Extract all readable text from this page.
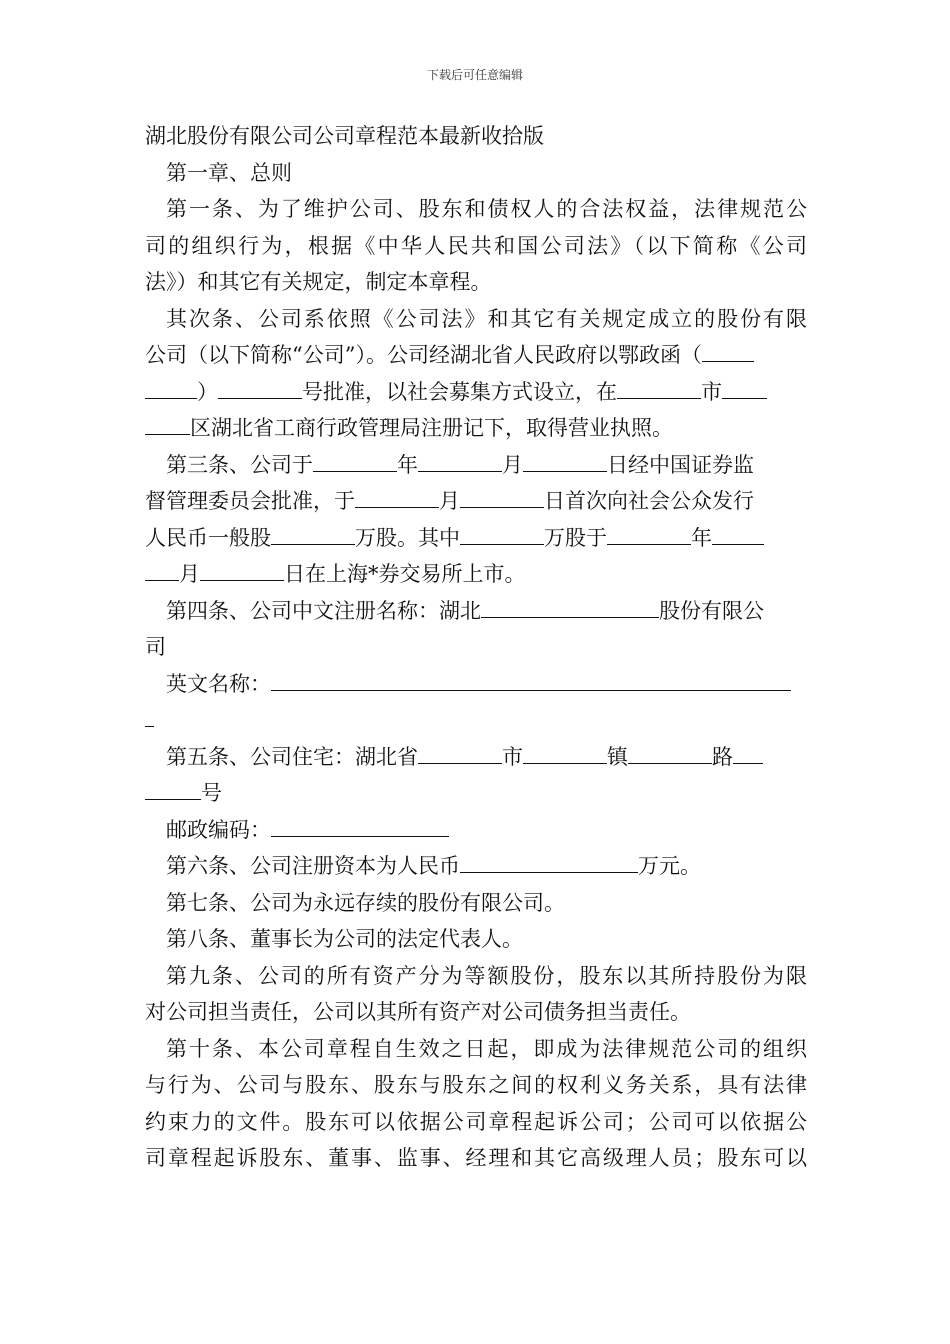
下载后可任意编辑
湖北股份有限公司公司章程范本最新收拾版
第一章、总则
第一条、为了维护公司、股东和债权人的合法权益，法律规范公
司的组织行为，根据《中华人民共和国公司法》（以下简称《公司
法》）和其它有关规定，制定本章程。
其次条、公司系依照《公司法》和其它有关规定成立的股份有限
公司（以下简称“公司”）。公司经湖北省人民政府以鄂政函（
）	号批准，以社会募集方式设立，在	市
区湖北省工商行政管理局注册记下，取得营业执照。
第三条、公司于	年	月	日经中国证券监
督管理委员会批准，于	月	日首次向社会公众发行
人民币一般股	万股。其中	万股于	年
月	日在上海*券交易所上市。
第四条、公司中文注册名称：湖北	股份有限公
司
英文名称：
第五条、公司住宅：湖北省	市	镇	路
号
邮政编码：
第六条、公司注册资本为人民币	万元。
第七条、公司为永远存续的股份有限公司。
第八条、董事长为公司的法定代表人。
第九条、公司的所有资产分为等额股份，股东以其所持股份为限
对公司担当责任，公司以其所有资产对公司债务担当责任。
第十条、本公司章程自生效之日起，即成为法律规范公司的组织
与行为、公司与股东、股东与股东之间的权利义务关系，具有法律
约束力的文件。股东可以依据公司章程起诉公司；公司可以依据公
司章程起诉股东、董事、监事、经理和其它高级理人员；股东可以
